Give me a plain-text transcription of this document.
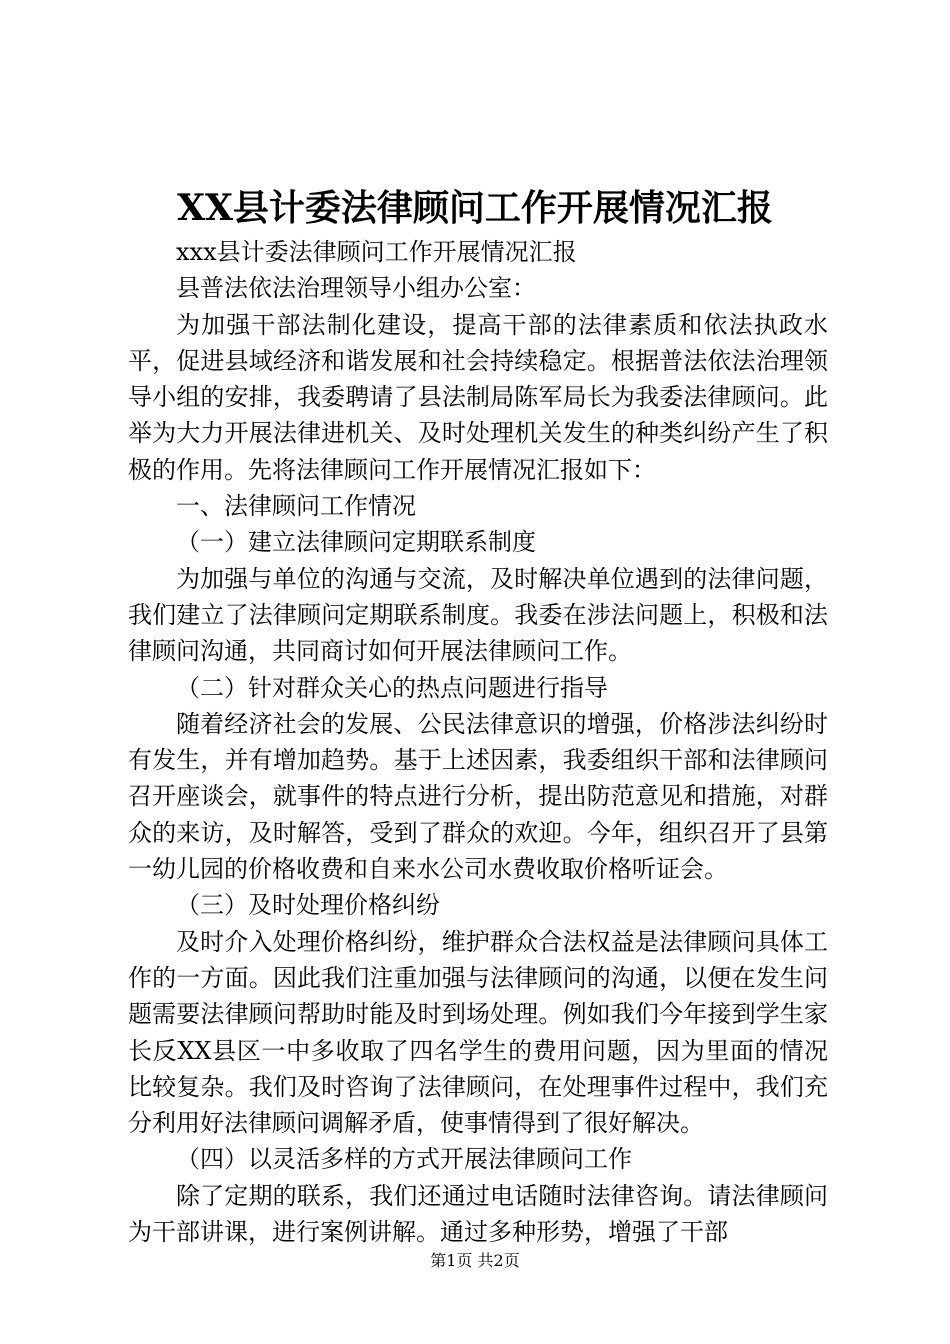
XX县计委法律顾问工作开展情况汇报

xxx县计委法律顾问工作开展情况汇报

县普法依法治理领导小组办公室：

为加强干部法制化建设，提高干部的法律素质和依法执政水平，促进县域经济和谐发展和社会持续稳定。根据普法依法治理领导小组的安排，我委聘请了县法制局陈军局长为我委法律顾问。此举为大力开展法律进机关、及时处理机关发生的种类纠纷产生了积极的作用。先将法律顾问工作开展情况汇报如下：

一、法律顾问工作情况

（一）建立法律顾问定期联系制度

为加强与单位的沟通与交流，及时解决单位遇到的法律问题，我们建立了法律顾问定期联系制度。我委在涉法问题上，积极和法律顾问沟通，共同商讨如何开展法律顾问工作。

（二）针对群众关心的热点问题进行指导

随着经济社会的发展、公民法律意识的增强，价格涉法纠纷时有发生，并有增加趋势。基于上述因素，我委组织干部和法律顾问召开座谈会，就事件的特点进行分析，提出防范意见和措施，对群众的来访，及时解答，受到了群众的欢迎。今年，组织召开了县第一幼儿园的价格收费和自来水公司水费收取价格听证会。

（三）及时处理价格纠纷

及时介入处理价格纠纷，维护群众合法权益是法律顾问具体工作的一方面。因此我们注重加强与法律顾问的沟通，以便在发生问题需要法律顾问帮助时能及时到场处理。例如我们今年接到学生家长反XX县区一中多收取了四名学生的费用问题，因为里面的情况比较复杂。我们及时咨询了法律顾问，在处理事件过程中，我们充分利用好法律顾问调解矛盾，使事情得到了很好解决。

（四）以灵活多样的方式开展法律顾问工作

除了定期的联系，我们还通过电话随时法律咨询。请法律顾问为干部讲课，进行案例讲解。通过多种形势，增强了干部

第1页 共2页
